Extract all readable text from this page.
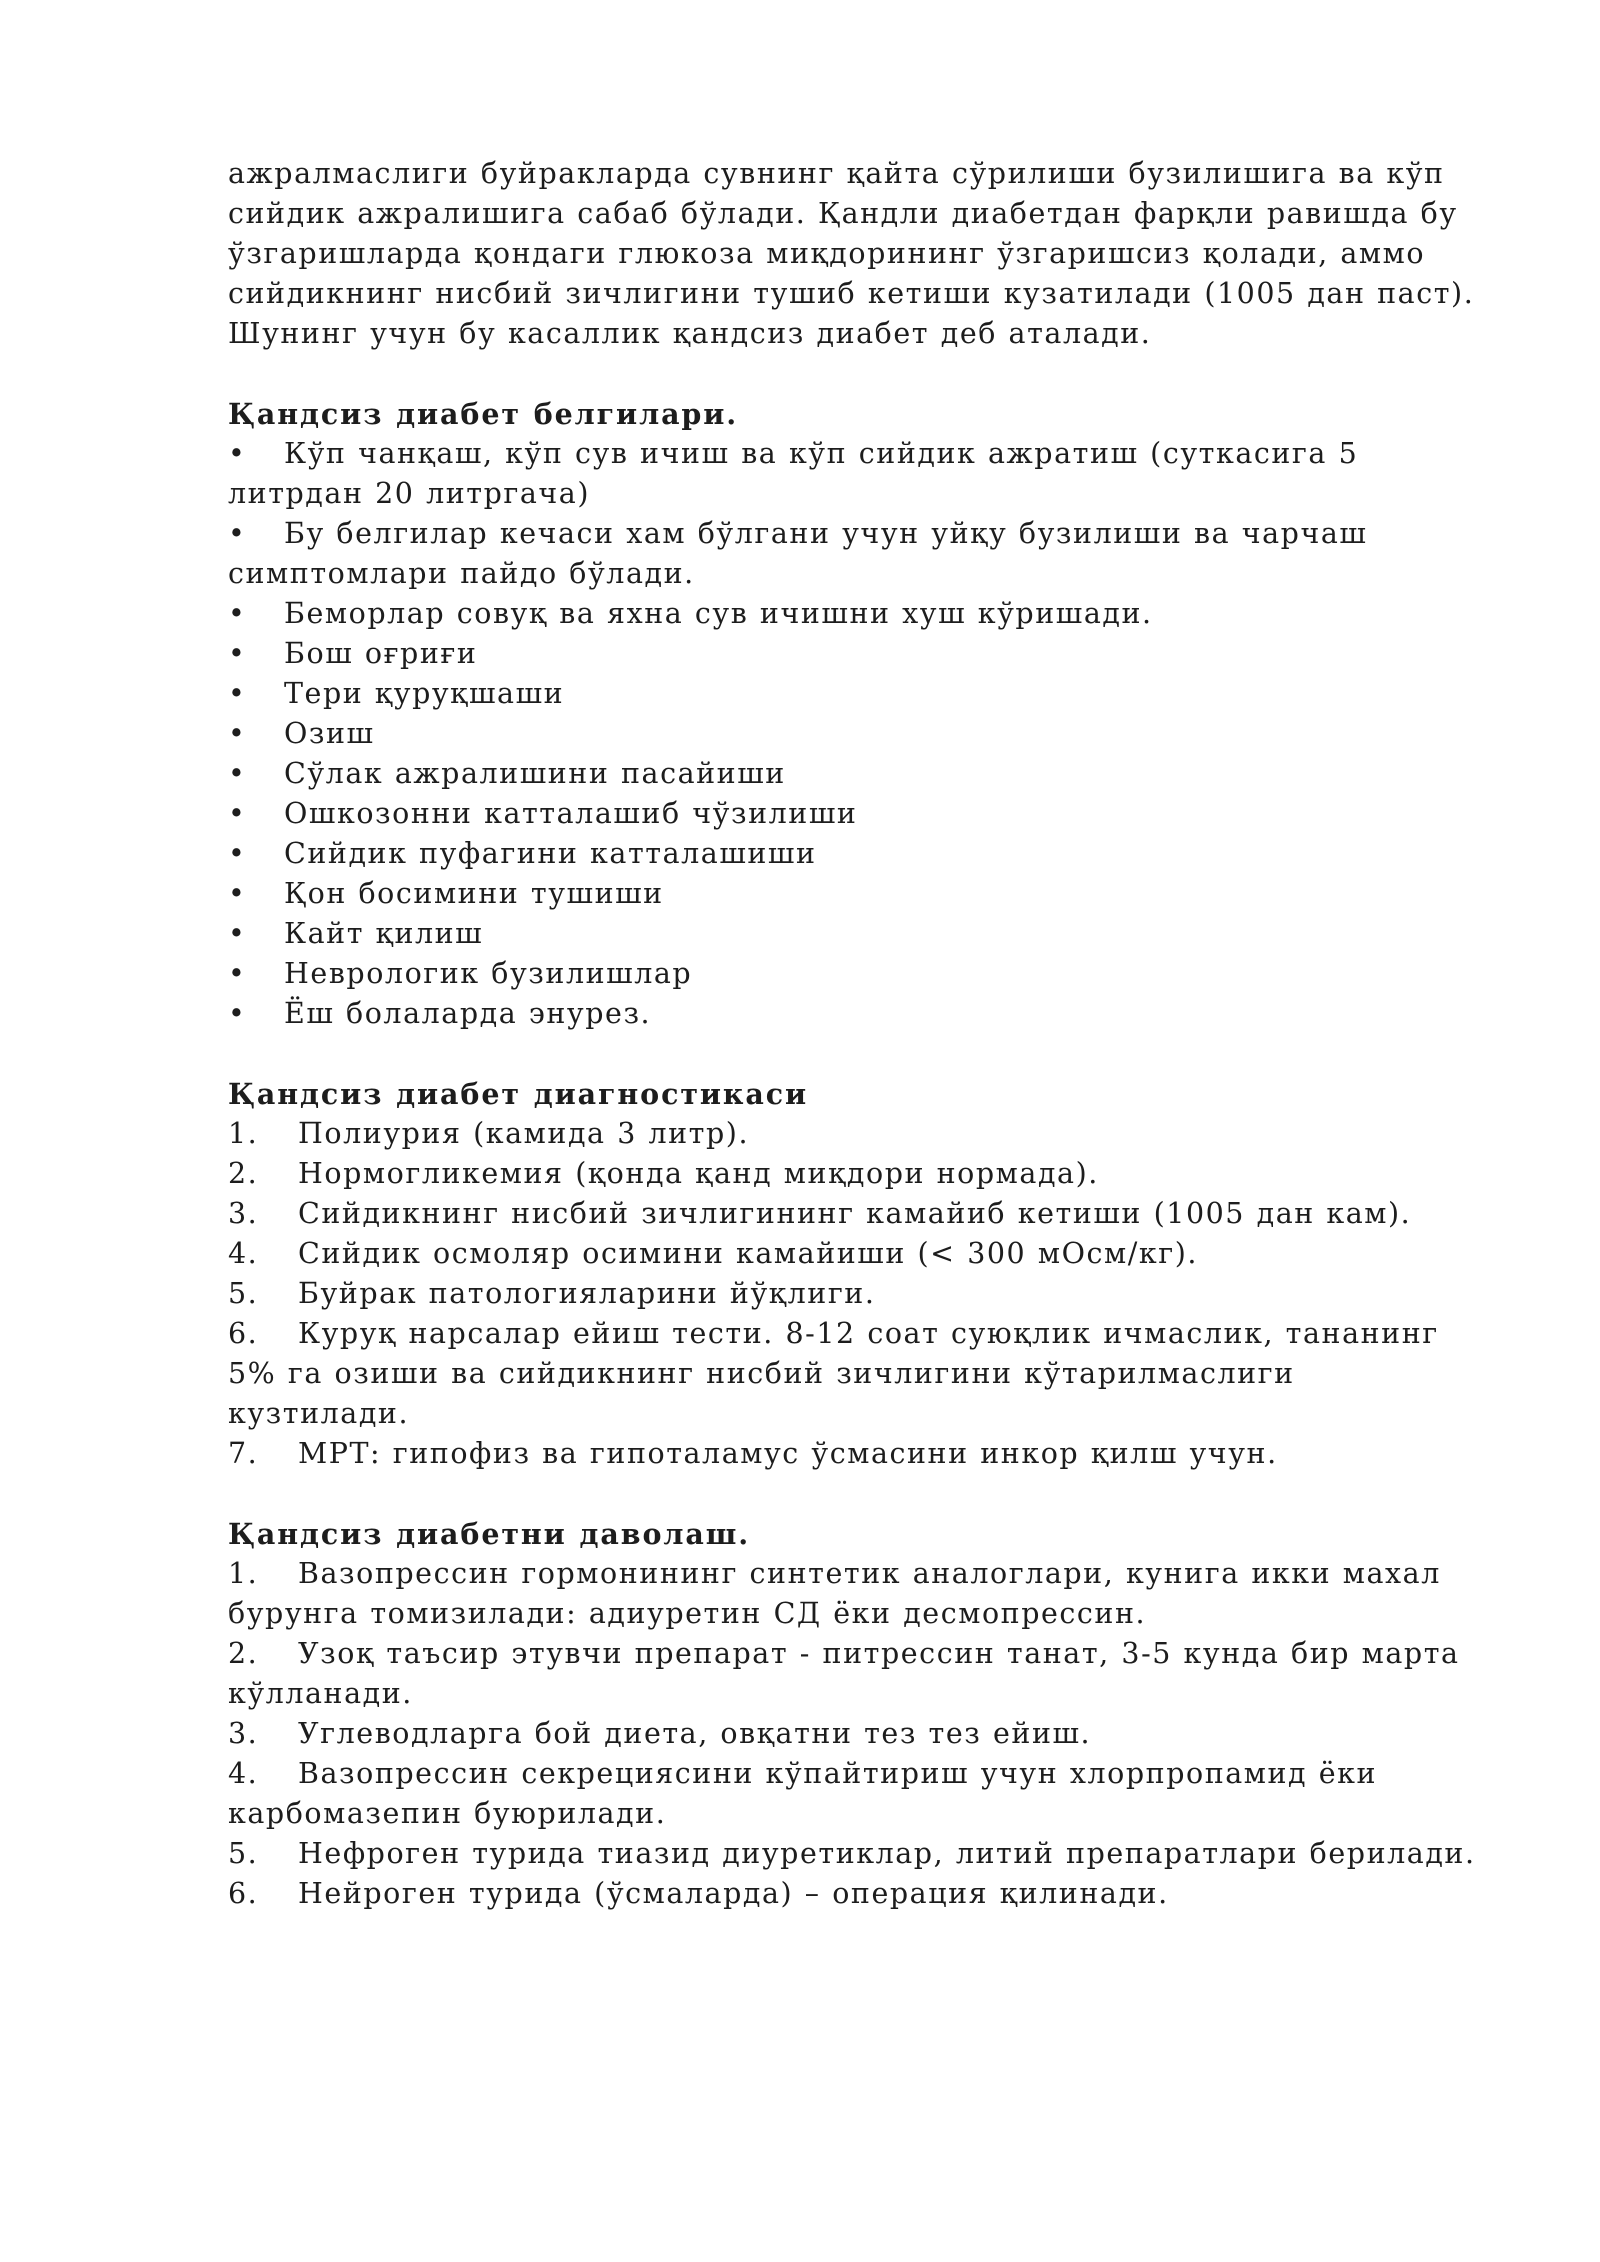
ажралмаслиги буйракларда сувнинг қайта сўрилиши бузилишига ва кўп сийдик ажралишига сабаб бўлади. Қандли диабетдан фарқли равишда бу ўзгаришларда қондаги глюкоза миқдорининг ўзгаришсиз қолади, аммо сийдикнинг нисбий зичлигини тушиб кетиши кузатилади (1005 дан паст). Шунинг учун бу касаллик қандсиз диабет деб аталади.

Қандсиз диабет белгилари.

• Кўп чанқаш, кўп сув ичиш ва кўп сийдик ажратиш (суткасига 5 литрдан 20 литргача)
• Бу белгилар кечаси хам бўлгани учун уйқу бузилиши ва чарчаш симптомлари пайдо бўлади.
• Беморлар совуқ ва яхна сув ичишни хуш кўришади.
• Бош оғриғи
• Тери қуруқшаши
• Озиш
• Сўлак ажралишини пасайиши
• Ошкозонни катталашиб чўзилиши
• Сийдик пуфагини катталашиши
• Қон босимини тушиши
• Кайт қилиш
• Неврологик бузилишлар
• Ёш болаларда энурез.

Қандсиз диабет диагностикаси

1. Полиурия (камида 3 литр).
2. Нормогликемия (қонда қанд миқдори нормада).
3. Сийдикнинг нисбий зичлигининг камайиб кетиши (1005 дан кам).
4. Сийдик осмоляр осимини камайиши (< 300 мОсм/кг).
5. Буйрак патологияларини йўқлиги.
6. Куруқ нарсалар ейиш тести. 8-12 соат суюқлик ичмаслик, тананинг 5% га озиши ва сийдикнинг нисбий зичлигини кўтарилмаслиги кузтилади.
7. МРТ: гипофиз ва гипоталамус ўсмасини инкор қилш учун.

Қандсиз диабетни даволаш.

1. Вазопрессин гормонининг синтетик аналоглари, кунига икки махал бурунга томизилади: адиуретин СД ёки десмопрессин.
2. Узоқ таъсир этувчи препарат - питрессин танат, 3-5 кунда бир марта кўлланади.
3. Углеводларга бой диета, овқатни тез тез ейиш.
4. Вазопрессин секрециясини кўпайтириш учун хлорпропамид ёки карбомазепин буюрилади.
5. Нефроген турида тиазид диуретиклар, литий препаратлари берилади.
6. Нейроген турида (ўсмаларда) – операция қилинади.
